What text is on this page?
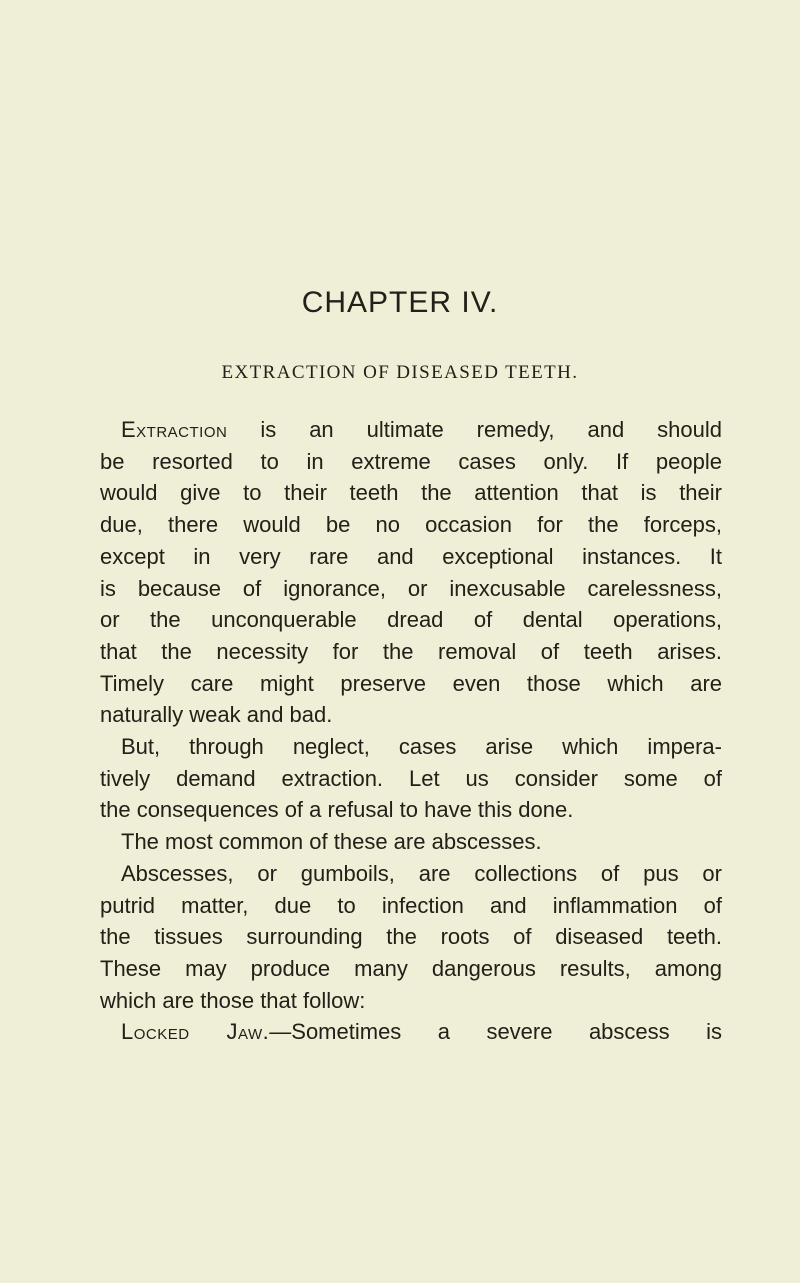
CHAPTER IV.
EXTRACTION OF DISEASED TEETH.
Extraction is an ultimate remedy, and should
be resorted to in extreme cases only. If people
would give to their teeth the attention that is their
due, there would be no occasion for the forceps,
except in very rare and exceptional instances. It
is because of ignorance, or inexcusable carelessness,
or the unconquerable dread of dental operations,
that the necessity for the removal of teeth arises.
Timely care might preserve even those which are
naturally weak and bad.
But, through neglect, cases arise which impera-
tively demand extraction. Let us consider some of
the consequences of a refusal to have this done.
The most common of these are abscesses.
Abscesses, or gumboils, are collections of pus or
putrid matter, due to infection and inflammation of
the tissues surrounding the roots of diseased teeth.
These may produce many dangerous results, among
which are those that follow:
Locked Jaw.—Sometimes a severe abscess is
